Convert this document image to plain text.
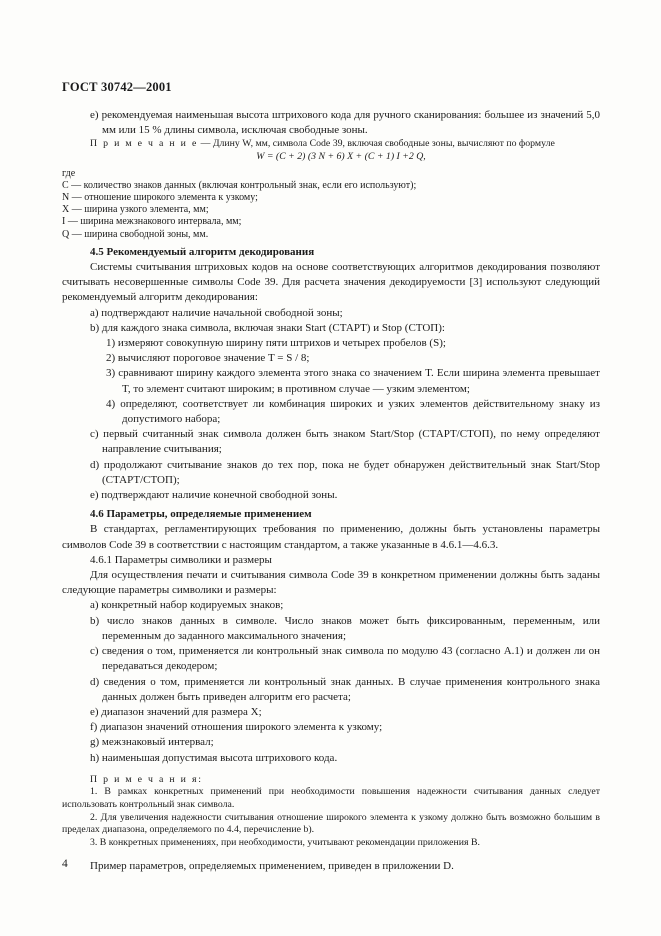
ГОСТ 30742—2001

е) рекомендуемая наименьшая высота штрихового кода для ручного сканирования: большее из значений 5,0 мм или 15 % длины символа, исключая свободные зоны.

П р и м е ч а н и е — Длину W, мм, символа Code 39, включая свободные зоны, вычисляют по формуле

W = (C + 2) (3 N + 6) X + (C + 1) I +2 Q,

где

C — количество знаков данных (включая контрольный знак, если его используют);

N — отношение широкого элемента к узкому;

X — ширина узкого элемента, мм;

I — ширина межзнакового интервала, мм;

Q — ширина свободной зоны, мм.

4.5 Рекомендуемый алгоритм декодирования

Системы считывания штриховых кодов на основе соответствующих алгоритмов декодирования позволяют считывать несовершенные символы Code 39. Для расчета значения декодируемости [3] используют следующий рекомендуемый алгоритм декодирования:

а) подтверждают наличие начальной свободной зоны;

b) для каждого знака символа, включая знаки Start (СТАРТ) и Stop (СТОП):

1) измеряют совокупную ширину пяти штрихов и четырех пробелов (S);

2) вычисляют пороговое значение T = S / 8;

3) сравнивают ширину каждого элемента этого знака со значением T. Если ширина элемента превышает T, то элемент считают широким; в противном случае — узким элементом;

4) определяют, соответствует ли комбинация широких и узких элементов действительному знаку из допустимого набора;

с) первый считанный знак символа должен быть знаком Start/Stop (СТАРТ/СТОП), по нему определяют направление считывания;

d) продолжают считывание знаков до тех пор, пока не будет обнаружен действительный знак Start/Stop (СТАРТ/СТОП);

е) подтверждают наличие конечной свободной зоны.

4.6 Параметры, определяемые применением

В стандартах, регламентирующих требования по применению, должны быть установлены параметры символов Code 39 в соответствии с настоящим стандартом, а также указанные в 4.6.1—4.6.3.

4.6.1 Параметры символики и размеры

Для осуществления печати и считывания символа Code 39 в конкретном применении должны быть заданы следующие параметры символики и размеры:

а) конкретный набор кодируемых знаков;

b) число знаков данных в символе. Число знаков может быть фиксированным, переменным, или переменным до заданного максимального значения;

с) сведения о том, применяется ли контрольный знак символа по модулю 43 (согласно А.1) и должен ли он передаваться декодером;

d) сведения о том, применяется ли контрольный знак данных. В случае применения контрольного знака данных должен быть приведен алгоритм его расчета;

е) диапазон значений для размера X;

f) диапазон значений отношения широкого элемента к узкому;

g) межзнаковый интервал;

h) наименьшая допустимая высота штрихового кода.

П р и м е ч а н и я:

1. В рамках конкретных применений при необходимости повышения надежности считывания данных следует использовать контрольный знак символа.

2. Для увеличения надежности считывания отношение широкого элемента к узкому должно быть возможно большим в пределах диапазона, определяемого по 4.4, перечисление b).

3. В конкретных применениях, при необходимости, учитывают рекомендации приложения В.

Пример параметров, определяемых применением, приведен в приложении D.

4
